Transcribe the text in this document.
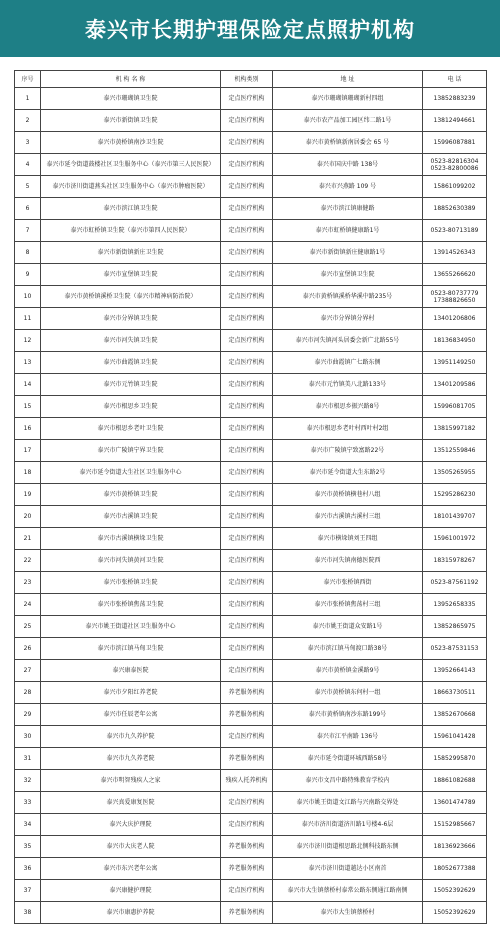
泰兴市长期护理保险定点照护机构
序号	机 构 名 称	机构类别	地 址	电 话
1	泰兴市珊瑚镇卫生院	定点医疗机构	泰兴市珊瑚镇珊瑚新村四组	13852883239
2	泰兴市新街镇卫生院	定点医疗机构	泰兴市农产品加工园区纬二路1号	13812494661
3	泰兴市黄桥镇南沙卫生院	定点医疗机构	泰兴市黄桥镇新南居委会 65 号	15996087881
4	泰兴市延令街道鼓楼社区卫生服务中心（泰兴市第三人民医院）	定点医疗机构	泰兴市国庆中路 138号	0523-82816304
0523-82800086
5	泰兴市济川街道燕头社区卫生服务中心（泰兴市肿瘤医院）	定点医疗机构	泰兴市兴燕路 109 号	15861099202
6	泰兴市滨江镇卫生院	定点医疗机构	泰兴市滨江镇康健路	18852630389
7	泰兴市虹桥镇卫生院（泰兴市第四人民医院）	定点医疗机构	泰兴市虹桥镇健康路1号	0523-80713189
8	泰兴市新街镇新庄卫生院	定点医疗机构	泰兴市新街镇新庄健康路1号	13914526343
9	泰兴市宣堡镇卫生院	定点医疗机构	泰兴市宣堡镇卫生院	13655266620
10	泰兴市黄桥镇溪桥卫生院（泰兴市精神病防治院）	定点医疗机构	泰兴市黄桥镇溪桥华溪中路235号	0523-80737779
17388826650
11	泰兴市分界镇卫生院	定点医疗机构	泰兴市分界镇分界村	13401206806
12	泰兴市河失镇卫生院	定点医疗机构	泰兴市河失镇河头居委会新广北路55号	18136834950
13	泰兴市曲霞镇卫生院	定点医疗机构	泰兴市曲霞镇广七路东侧	13951149250
14	泰兴市元竹镇卫生院	定点医疗机构	泰兴市元竹镇美八北路133号	13401209586
15	泰兴市根思乡卫生院	定点医疗机构	泰兴市根思乡振兴路8号	15996081705
16	泰兴市根思乡老叶卫生院	定点医疗机构	泰兴市根思乡老叶村西叶村2组	13815997182
17	泰兴市广陵镇宁界卫生院	定点医疗机构	泰兴市广陵镇宁致富路22号	13512559846
18	泰兴市延令街道大生社区卫生服务中心	定点医疗机构	泰兴市延令街道大生东路2号	13505265955
19	泰兴市黄桥镇卫生院	定点医疗机构	泰兴市黄桥镇横巷村八组	15295286230
20	泰兴市古溪镇卫生院	定点医疗机构	泰兴市古溪镇古溪村三组	18101439707
21	泰兴市古溪镇横垛卫生院	定点医疗机构	泰兴市横垛镇刘王四组	15961001972
22	泰兴市河失镇黄河卫生院	定点医疗机构	泰兴市河失镇南德医院西	18315978267
23	泰兴市张桥镇卫生院	定点医疗机构	泰兴市张桥镇西街	0523-87561192
24	泰兴市张桥镇焦荡卫生院	定点医疗机构	泰兴市张桥镇焦荡村三组	13952658335
25	泰兴市姚王街道社区卫生服务中心	定点医疗机构	泰兴市姚王街道众安路1号	13852865975
26	泰兴市滨江镇马甸卫生院	定点医疗机构	泰兴市滨江镇马甸渡口路38号	0523-87531153
27	泰兴康泰医院	定点医疗机构	泰兴市黄桥镇金溪路9号	13952664143
28	泰兴市夕阳红养老院	养老服务机构	泰兴市黄桥镇东何村一组	18663730511
29	泰兴市任辰老年公寓	养老服务机构	泰兴市黄桥镇南沙东路199号	13852670668
30	泰兴市九久养护院	定点医疗机构	泰兴市江平南路 136号	15961041428
31	泰兴市九久养老院	养老服务机构	泰兴市延令街道环城西路58号	15852995870
32	泰兴市明智残疾人之家	残疾人托养机构	泰兴市文昌中路特殊教育学校内	18861082688
33	泰兴真爱康复医院	定点医疗机构	泰兴市姚王街道文江路与兴南路交界处	13601474789
34	泰兴大庆护理院	定点医疗机构	泰兴市济川街道济川路1号楼4-6层	15152985667
35	泰兴市大庆老人院	养老服务机构	泰兴市济川街道根思路北侧科技路东侧	18136923666
36	泰兴市东兴老年公寓	养老服务机构	泰兴市济川街道越达小区南首	18052677388
37	泰兴康健护理院	定点医疗机构	泰兴市大生镇蔡桥村泰常公路东侧通江路南侧	15052392629
38	泰兴市康惠护养院	养老服务机构	泰兴市大生镇蔡桥村	15052392629
